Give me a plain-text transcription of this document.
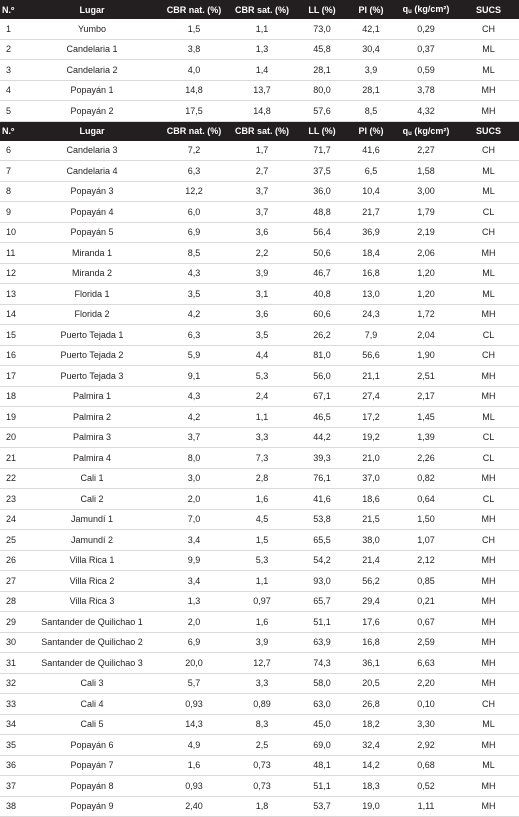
N.º	Lugar	CBR nat. (%)	CBR sat. (%)	LL (%)	PI (%)	$q_u$ (kg/cm²)	SUCS
1	Yumbo	1,5	1,1	73,0	42,1	0,29	CH
2	Candelaria 1	3,8	1,3	45,8	30,4	0,37	ML
3	Candelaria 2	4,0	1,4	28,1	3,9	0,59	ML
4	Popayán 1	14,8	13,7	80,0	28,1	3,78	MH
5	Popayán 2	17,5	14,8	57,6	8,5	4,32	MH
N.º	Lugar	CBR nat. (%)	CBR sat. (%)	LL (%)	PI (%)	$q_u$ (kg/cm²)	SUCS
6	Candelaria 3	7,2	1,7	71,7	41,6	2,27	CH
7	Candelaria 4	6,3	2,7	37,5	6,5	1,58	ML
8	Popayán 3	12,2	3,7	36,0	10,4	3,00	ML
9	Popayán 4	6,0	3,7	48,8	21,7	1,79	CL
10	Popayán 5	6,9	3,6	56,4	36,9	2,19	CH
11	Miranda 1	8,5	2,2	50,6	18,4	2,06	MH
12	Miranda 2	4,3	3,9	46,7	16,8	1,20	ML
13	Florida 1	3,5	3,1	40,8	13,0	1,20	ML
14	Florida 2	4,2	3,6	60,6	24,3	1,72	MH
15	Puerto Tejada 1	6,3	3,5	26,2	7,9	2,04	CL
16	Puerto Tejada 2	5,9	4,4	81,0	56,6	1,90	CH
17	Puerto Tejada 3	9,1	5,3	56,0	21,1	2,51	MH
18	Palmira 1	4,3	2,4	67,1	27,4	2,17	MH
19	Palmira 2	4,2	1,1	46,5	17,2	1,45	ML
20	Palmira 3	3,7	3,3	44,2	19,2	1,39	CL
21	Palmira 4	8,0	7,3	39,3	21,0	2,26	CL
22	Cali 1	3,0	2,8	76,1	37,0	0,82	MH
23	Cali 2	2,0	1,6	41,6	18,6	0,64	CL
24	Jamundí 1	7,0	4,5	53,8	21,5	1,50	MH
25	Jamundí 2	3,4	1,5	65,5	38,0	1,07	CH
26	Villa Rica 1	9,9	5,3	54,2	21,4	2,12	MH
27	Villa Rica 2	3,4	1,1	93,0	56,2	0,85	MH
28	Villa Rica 3	1,3	0,97	65,7	29,4	0,21	MH
29	Santander de Quilichao 1	2,0	1,6	51,1	17,6	0,67	MH
30	Santander de Quilichao 2	6,9	3,9	63,9	16,8	2,59	MH
31	Santander de Quilichao 3	20,0	12,7	74,3	36,1	6,63	MH
32	Cali 3	5,7	3,3	58,0	20,5	2,20	MH
33	Cali 4	0,93	0,89	63,0	26,8	0,10	CH
34	Cali 5	14,3	8,3	45,0	18,2	3,30	ML
35	Popayán 6	4,9	2,5	69,0	32,4	2,92	MH
36	Popayán 7	1,6	0,73	48,1	14,2	0,68	ML
37	Popayán 8	0,93	0,73	51,1	18,3	0,52	MH
38	Popayán 9	2,40	1,8	53,7	19,0	1,11	MH
